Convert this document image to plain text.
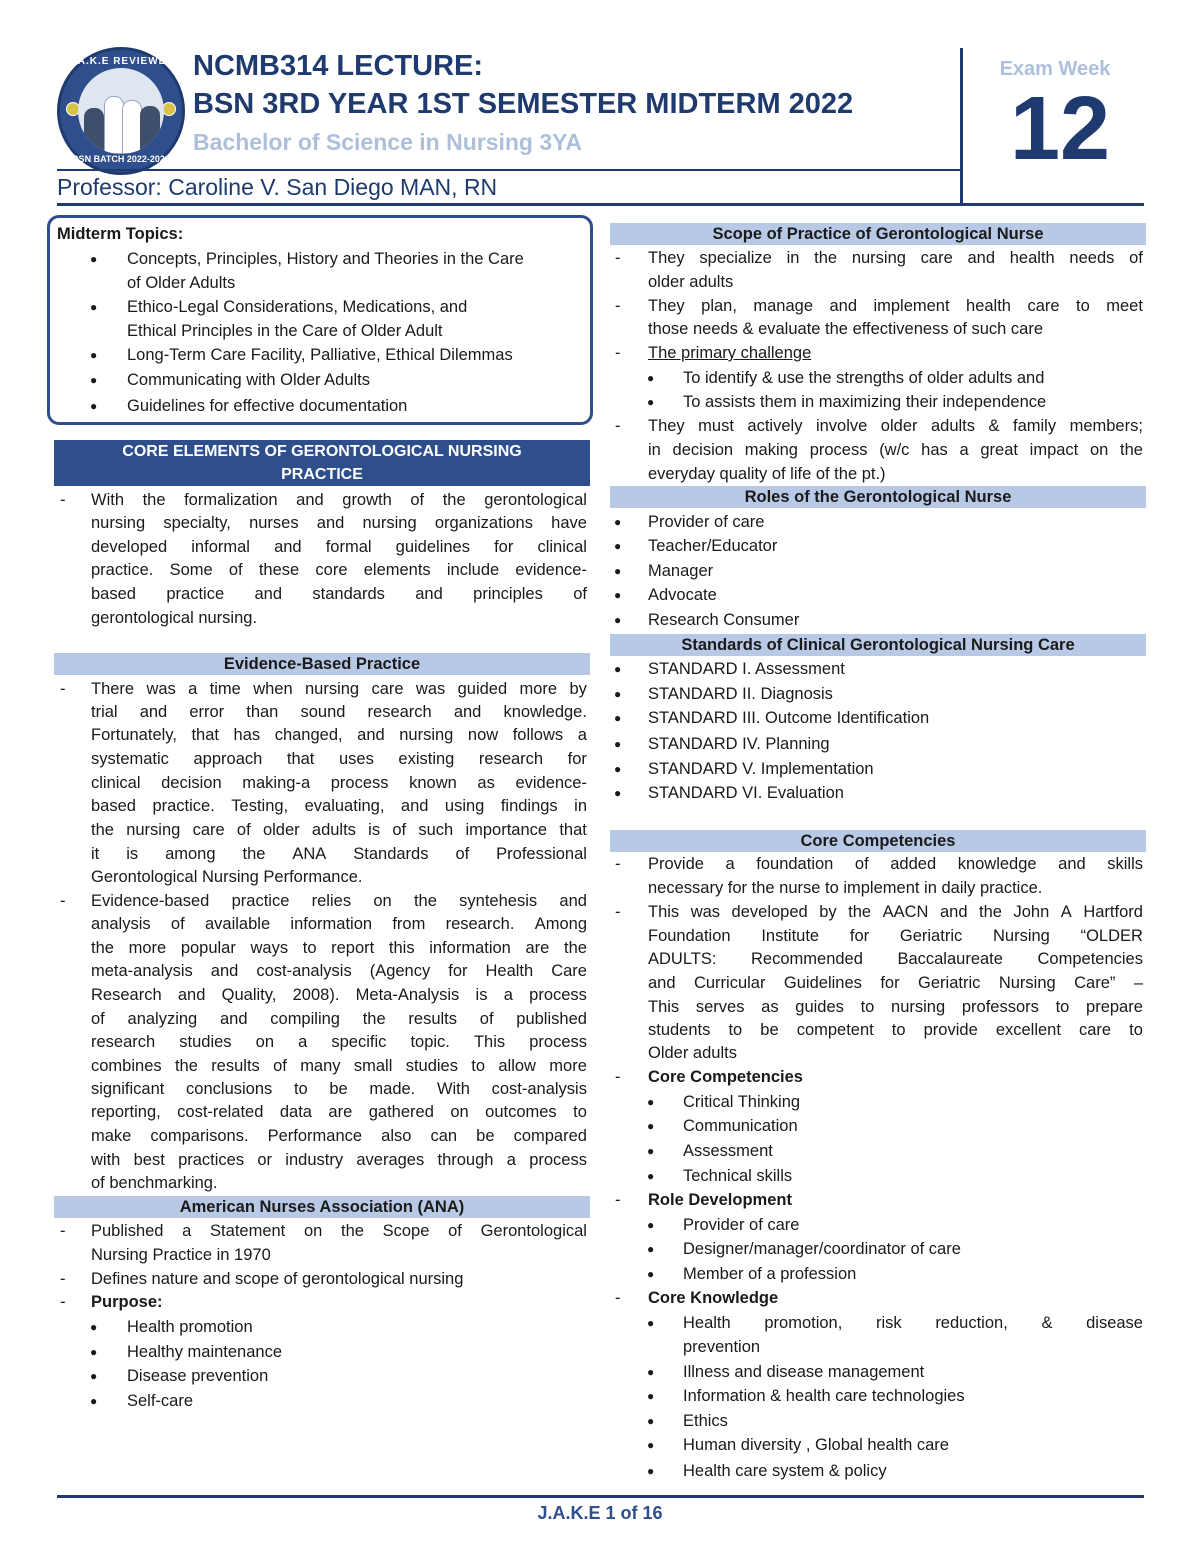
J.A.K.E REVIEWER
BSN BATCH 2022-2023
NCMB314 LECTURE:
BSN 3RD YEAR 1ST SEMESTER MIDTERM 2022
Bachelor of Science in Nursing 3YA
Professor: Caroline V. San Diego MAN, RN
Exam Week
12
Midterm Topics:
● Concepts, Principles, History and Theories in the Care
of Older Adults
● Ethico-Legal Considerations, Medications, and
Ethical Principles in the Care of Older Adult
● Long-Term Care Facility, Palliative, Ethical Dilemmas
● Communicating with Older Adults
● Guidelines for effective documentation
CORE ELEMENTS OF GERONTOLOGICAL NURSING
PRACTICE
- With the formalization and growth of the gerontological
nursing specialty, nurses and nursing organizations have
developed informal and formal guidelines for clinical
practice. Some of these core elements include evidence-
based practice and standards and principles of
gerontological nursing.
Evidence-Based Practice
- There was a time when nursing care was guided more by
trial and error than sound research and knowledge.
Fortunately, that has changed, and nursing now follows a
systematic approach that uses existing research for
clinical decision making-a process known as evidence-
based practice. Testing, evaluating, and using findings in
the nursing care of older adults is of such importance that
it is among the ANA Standards of Professional
Gerontological Nursing Performance.
- Evidence-based practice relies on the syntehesis and
analysis of available information from research. Among
the more popular ways to report this information are the
meta-analysis and cost-analysis (Agency for Health Care
Research and Quality, 2008). Meta-Analysis is a process
of analyzing and compiling the results of published
research studies on a specific topic. This process
combines the results of many small studies to allow more
significant conclusions to be made. With cost-analysis
reporting, cost-related data are gathered on outcomes to
make comparisons. Performance also can be compared
with best practices or industry averages through a process
of benchmarking.
American Nurses Association (ANA)
- Published a Statement on the Scope of Gerontological
Nursing Practice in 1970
- Defines nature and scope of gerontological nursing
- Purpose:
● Health promotion
● Healthy maintenance
● Disease prevention
● Self-care
Scope of Practice of Gerontological Nurse
- They specialize in the nursing care and health needs of
older adults
- They plan, manage and implement health care to meet
those needs & evaluate the effectiveness of such care
- The primary challenge
● To identify & use the strengths of older adults and
● To assists them in maximizing their independence
- They must actively involve older adults & family members;
in decision making process (w/c has a great impact on the
everyday quality of life of the pt.)
Roles of the Gerontological Nurse
● Provider of care
● Teacher/Educator
● Manager
● Advocate
● Research Consumer
Standards of Clinical Gerontological Nursing Care
● STANDARD I. Assessment
● STANDARD II. Diagnosis
● STANDARD III. Outcome Identification
● STANDARD IV. Planning
● STANDARD V. Implementation
● STANDARD VI. Evaluation
Core Competencies
- Provide a foundation of added knowledge and skills
necessary for the nurse to implement in daily practice.
- This was developed by the AACN and the John A Hartford
Foundation Institute for Geriatric Nursing “OLDER
ADULTS: Recommended Baccalaureate Competencies
and Curricular Guidelines for Geriatric Nursing Care” –
This serves as guides to nursing professors to prepare
students to be competent to provide excellent care to
Older adults
- Core Competencies
● Critical Thinking
● Communication
● Assessment
● Technical skills
- Role Development
● Provider of care
● Designer/manager/coordinator of care
● Member of a profession
- Core Knowledge
● Health promotion, risk reduction, & disease
prevention
● Illness and disease management
● Information & health care technologies
● Ethics
● Human diversity , Global health care
● Health care system & policy
J.A.K.E 1 of 16
